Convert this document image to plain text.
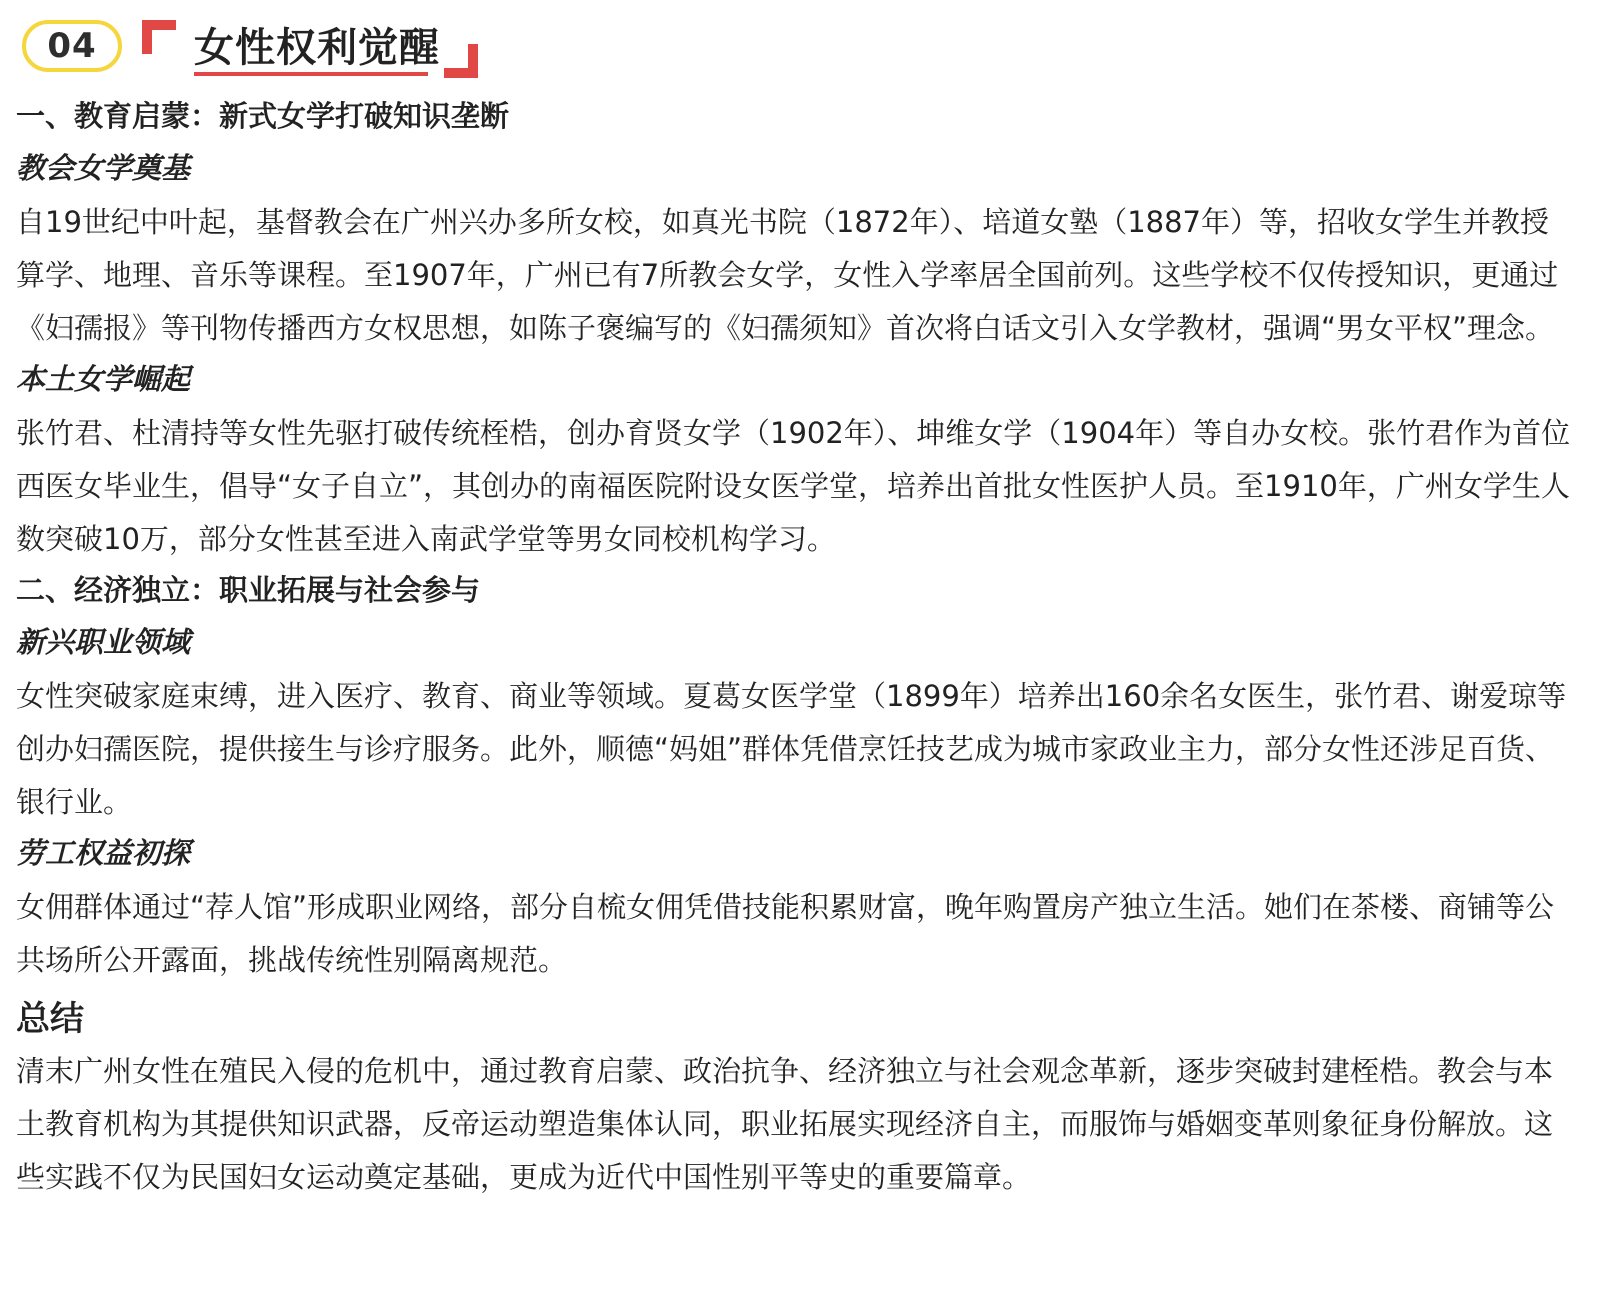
04	女性权利觉醒
一、教育启蒙：新式女学打破知识垄断
教会女学奠基

自19世纪中叶起，基督教会在广州兴办多所女校，如真光书院（1872年）、培道女塾（1887年）等，招收女学生并教授算学、地理、音乐等课程。至1907年，广州已有7所教会女学，女性入学率居全国前列。这些学校不仅传授知识，更通过《妇孺报》等刊物传播西方女权思想，如陈子褒编写的《妇孺须知》首次将白话文引入女学教材，强调“男女平权”理念。

本土女学崛起

张竹君、杜清持等女性先驱打破传统桎梏，创办育贤女学（1902年）、坤维女学（1904年）等自办女校。张竹君作为首位西医女毕业生，倡导“女子自立”，其创办的南福医院附设女医学堂，培养出首批女性医护人员。至1910年，广州女学生人数突破10万，部分女性甚至进入南武学堂等男女同校机构学习。

二、经济独立：职业拓展与社会参与
新兴职业领域

女性突破家庭束缚，进入医疗、教育、商业等领域。夏葛女医学堂（1899年）培养出160余名女医生，张竹君、谢爱琼等创办妇孺医院，提供接生与诊疗服务。此外，顺德“妈姐”群体凭借烹饪技艺成为城市家政业主力，部分女性还涉足百货、银行业。

劳工权益初探

女佣群体通过“荐人馆”形成职业网络，部分自梳女佣凭借技能积累财富，晚年购置房产独立生活。她们在茶楼、商铺等公共场所公开露面，挑战传统性别隔离规范。

总结

清末广州女性在殖民入侵的危机中，通过教育启蒙、政治抗争、经济独立与社会观念革新，逐步突破封建桎梏。教会与本土教育机构为其提供知识武器，反帝运动塑造集体认同，职业拓展实现经济自主，而服饰与婚姻变革则象征身份解放。这些实践不仅为民国妇女运动奠定基础，更成为近代中国性别平等史的重要篇章。
